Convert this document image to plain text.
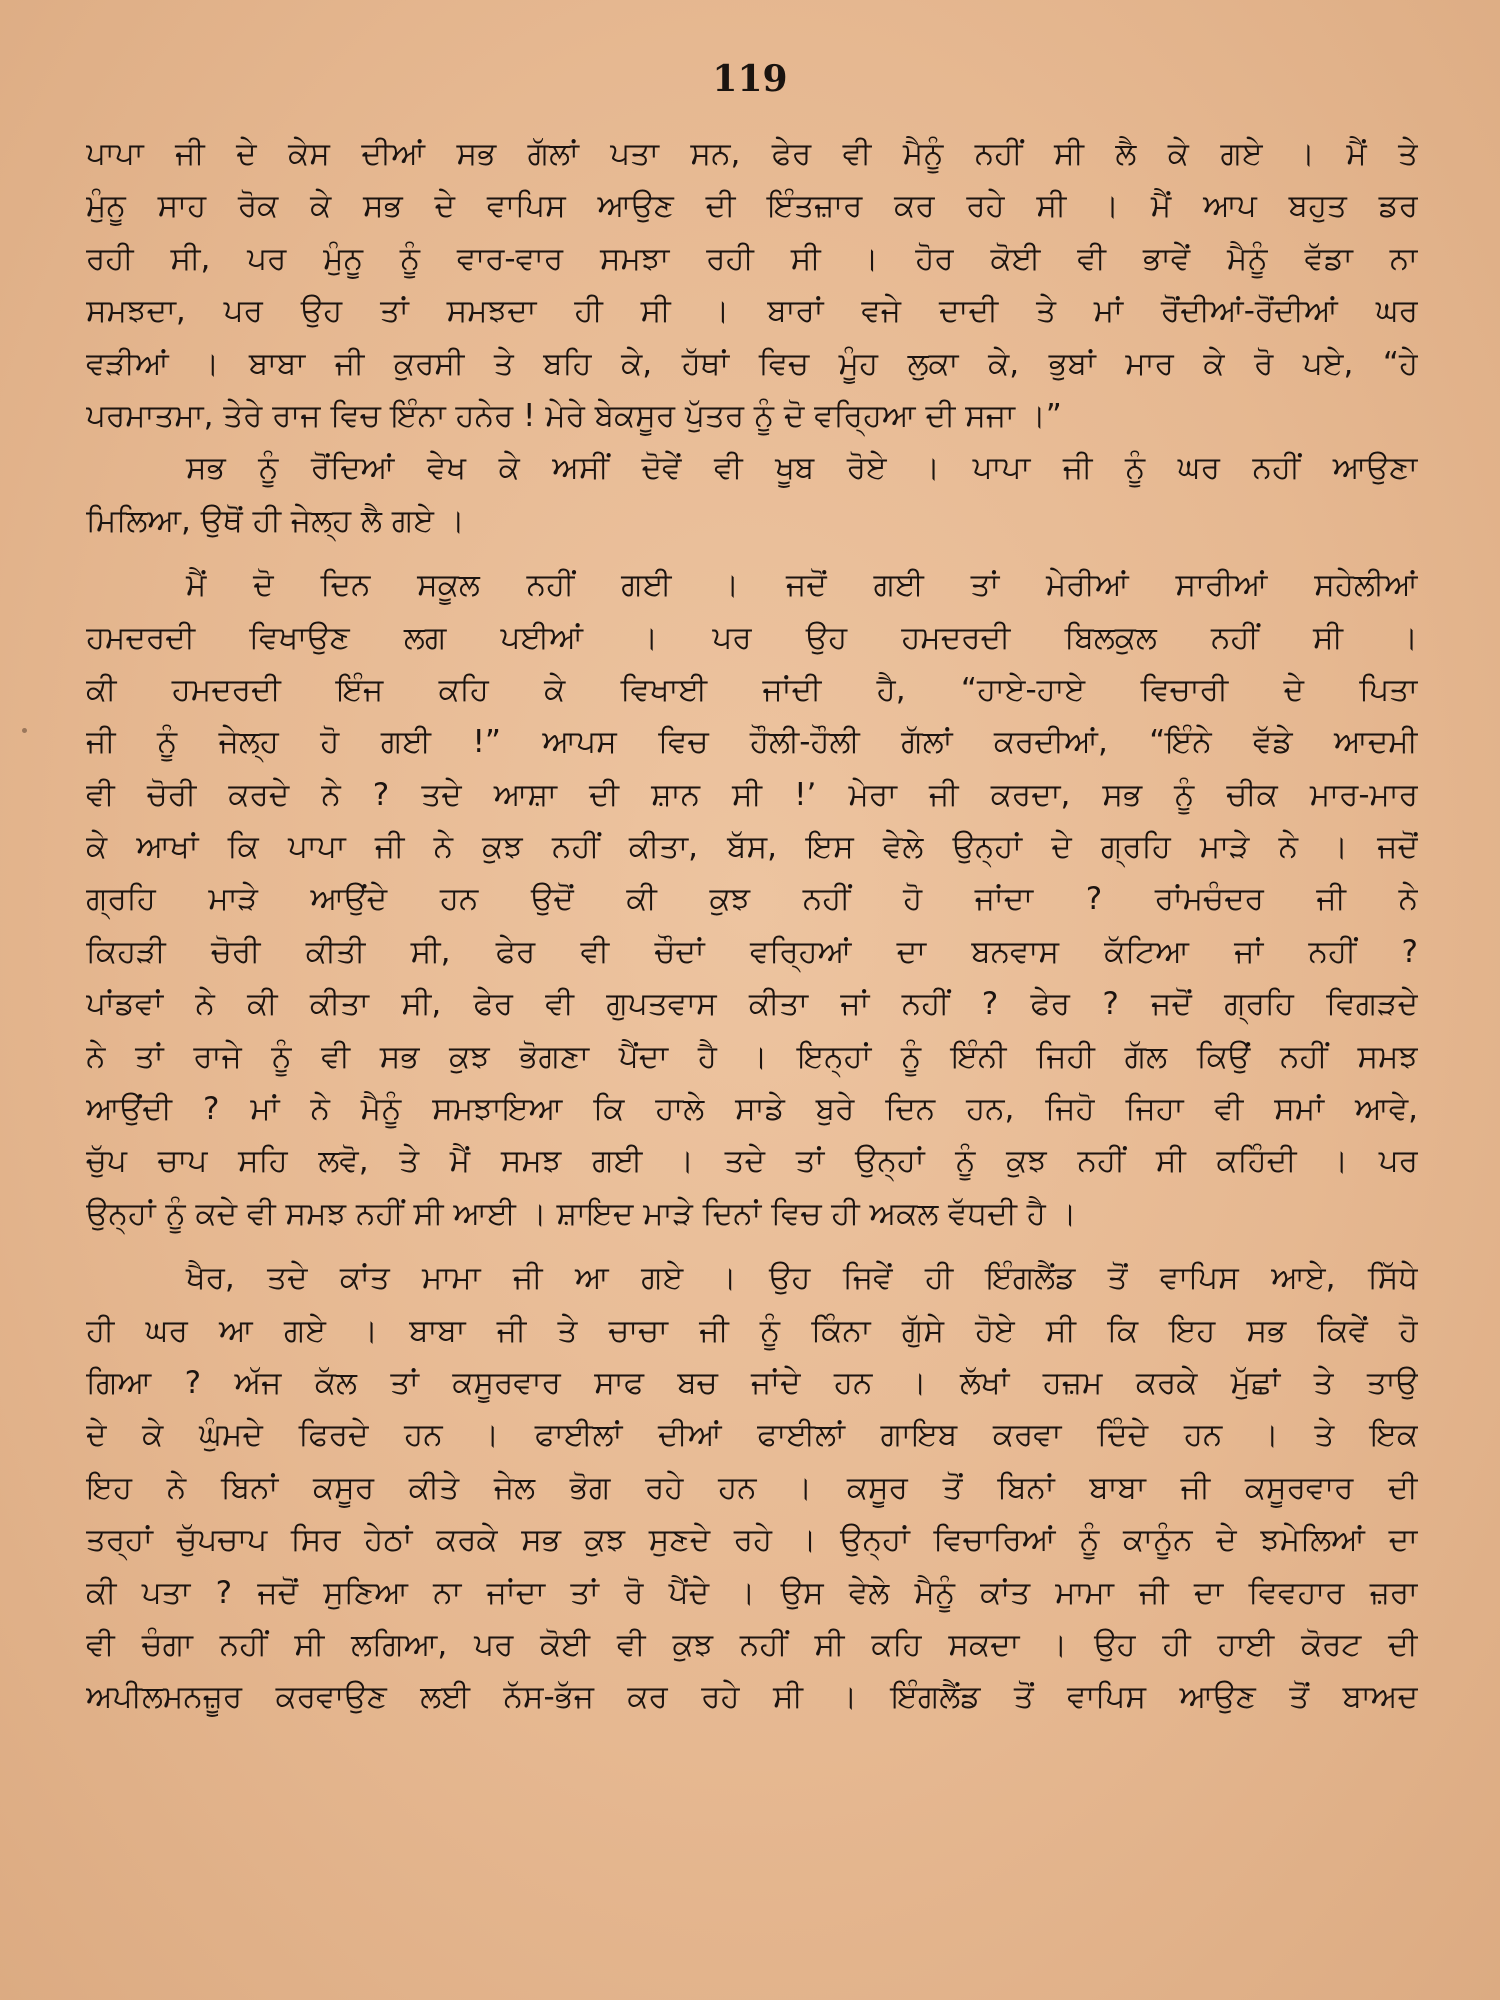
119
ਪਾਪਾ ਜੀ ਦੇ ਕੇਸ ਦੀਆਂ ਸਭ ਗੱਲਾਂ ਪਤਾ ਸਨ, ਫੇਰ ਵੀ ਮੈਨੂੰ ਨਹੀਂ ਸੀ ਲੈ ਕੇ ਗਏ । ਮੈਂ ਤੇ
ਮੁੰਨੂ ਸਾਹ ਰੋਕ ਕੇ ਸਭ ਦੇ ਵਾਪਿਸ ਆਉਣ ਦੀ ਇੰਤਜ਼ਾਰ ਕਰ ਰਹੇ ਸੀ । ਮੈਂ ਆਪ ਬਹੁਤ ਡਰ
ਰਹੀ ਸੀ, ਪਰ ਮੁੰਨੂ ਨੂੰ ਵਾਰ-ਵਾਰ ਸਮਝਾ ਰਹੀ ਸੀ । ਹੋਰ ਕੋਈ ਵੀ ਭਾਵੇਂ ਮੈਨੂੰ ਵੱਡਾ ਨਾ
ਸਮਝਦਾ, ਪਰ ਉਹ ਤਾਂ ਸਮਝਦਾ ਹੀ ਸੀ । ਬਾਰਾਂ ਵਜੇ ਦਾਦੀ ਤੇ ਮਾਂ ਰੋਂਦੀਆਂ-ਰੋਂਦੀਆਂ ਘਰ
ਵੜੀਆਂ । ਬਾਬਾ ਜੀ ਕੁਰਸੀ ਤੇ ਬਹਿ ਕੇ, ਹੱਥਾਂ ਵਿਚ ਮੂੰਹ ਲੁਕਾ ਕੇ, ਭੁਬਾਂ ਮਾਰ ਕੇ ਰੋ ਪਏ, “ਹੇ
ਪਰਮਾਤਮਾ, ਤੇਰੇ ਰਾਜ ਵਿਚ ਇੰਨਾ ਹਨੇਰ ! ਮੇਰੇ ਬੇਕਸੂਰ ਪੁੱਤਰ ਨੂੰ ਦੋ ਵਰ੍ਹਿਆ ਦੀ ਸਜਾ ।”
ਸਭ ਨੂੰ ਰੋਂਦਿਆਂ ਵੇਖ ਕੇ ਅਸੀਂ ਦੋਵੇਂ ਵੀ ਖੂਬ ਰੋਏ । ਪਾਪਾ ਜੀ ਨੂੰ ਘਰ ਨਹੀਂ ਆਉਣਾ
ਮਿਲਿਆ, ਉਥੋਂ ਹੀ ਜੇਲ੍ਹ ਲੈ ਗਏ ।
ਮੈਂ ਦੋ ਦਿਨ ਸਕੂਲ ਨਹੀਂ ਗਈ । ਜਦੋਂ ਗਈ ਤਾਂ ਮੇਰੀਆਂ ਸਾਰੀਆਂ ਸਹੇਲੀਆਂ
ਹਮਦਰਦੀ ਵਿਖਾਉਣ ਲਗ ਪਈਆਂ । ਪਰ ਉਹ ਹਮਦਰਦੀ ਬਿਲਕੁਲ ਨਹੀਂ ਸੀ ।
ਕੀ ਹਮਦਰਦੀ ਇੰਜ ਕਹਿ ਕੇ ਵਿਖਾਈ ਜਾਂਦੀ ਹੈ, “ਹਾਏ-ਹਾਏ ਵਿਚਾਰੀ ਦੇ ਪਿਤਾ
ਜੀ ਨੂੰ ਜੇਲ੍ਹ ਹੋ ਗਈ !” ਆਪਸ ਵਿਚ ਹੌਲੀ-ਹੌਲੀ ਗੱਲਾਂ ਕਰਦੀਆਂ, “ਇੰਨੇ ਵੱਡੇ ਆਦਮੀ
ਵੀ ਚੋਰੀ ਕਰਦੇ ਨੇ ? ਤਦੇ ਆਸ਼ਾ ਦੀ ਸ਼ਾਨ ਸੀ !’ ਮੇਰਾ ਜੀ ਕਰਦਾ, ਸਭ ਨੂੰ ਚੀਕ ਮਾਰ-ਮਾਰ
ਕੇ ਆਖਾਂ ਕਿ ਪਾਪਾ ਜੀ ਨੇ ਕੁਝ ਨਹੀਂ ਕੀਤਾ, ਬੱਸ, ਇਸ ਵੇਲੇ ਉਨ੍ਹਾਂ ਦੇ ਗ੍ਰਹਿ ਮਾੜੇ ਨੇ । ਜਦੋਂ
ਗ੍ਰਹਿ ਮਾੜੇ ਆਉਂਦੇ ਹਨ ਉਦੋਂ ਕੀ ਕੁਝ ਨਹੀਂ ਹੋ ਜਾਂਦਾ ? ਰਾਂਮਚੰਦਰ ਜੀ ਨੇ
ਕਿਹੜੀ ਚੋਰੀ ਕੀਤੀ ਸੀ, ਫੇਰ ਵੀ ਚੌਦਾਂ ਵਰ੍ਹਿਆਂ ਦਾ ਬਨਵਾਸ ਕੱਟਿਆ ਜਾਂ ਨਹੀਂ ?
ਪਾਂਡਵਾਂ ਨੇ ਕੀ ਕੀਤਾ ਸੀ, ਫੇਰ ਵੀ ਗੁਪਤਵਾਸ ਕੀਤਾ ਜਾਂ ਨਹੀਂ ? ਫੇਰ ? ਜਦੋਂ ਗ੍ਰਹਿ ਵਿਗੜਦੇ
ਨੇ ਤਾਂ ਰਾਜੇ ਨੂੰ ਵੀ ਸਭ ਕੁਝ ਭੋਗਣਾ ਪੈਂਦਾ ਹੈ । ਇਨ੍ਹਾਂ ਨੂੰ ਇੰਨੀ ਜਿਹੀ ਗੱਲ ਕਿਉਂ ਨਹੀਂ ਸਮਝ
ਆਉਂਦੀ ? ਮਾਂ ਨੇ ਮੈਨੂੰ ਸਮਝਾਇਆ ਕਿ ਹਾਲੇ ਸਾਡੇ ਬੁਰੇ ਦਿਨ ਹਨ, ਜਿਹੋ ਜਿਹਾ ਵੀ ਸਮਾਂ ਆਵੇ,
ਚੁੱਪ ਚਾਪ ਸਹਿ ਲਵੋ, ਤੇ ਮੈਂ ਸਮਝ ਗਈ । ਤਦੇ ਤਾਂ ਉਨ੍ਹਾਂ ਨੂੰ ਕੁਝ ਨਹੀਂ ਸੀ ਕਹਿੰਦੀ । ਪਰ
ਉਨ੍ਹਾਂ ਨੂੰ ਕਦੇ ਵੀ ਸਮਝ ਨਹੀਂ ਸੀ ਆਈ । ਸ਼ਾਇਦ ਮਾੜੇ ਦਿਨਾਂ ਵਿਚ ਹੀ ਅਕਲ ਵੱਧਦੀ ਹੈ ।
ਖੈਰ, ਤਦੇ ਕਾਂਤ ਮਾਮਾ ਜੀ ਆ ਗਏ । ਉਹ ਜਿਵੇਂ ਹੀ ਇੰਗਲੈਂਡ ਤੋਂ ਵਾਪਿਸ ਆਏ, ਸਿੱਧੇ
ਹੀ ਘਰ ਆ ਗਏ । ਬਾਬਾ ਜੀ ਤੇ ਚਾਚਾ ਜੀ ਨੂੰ ਕਿੰਨਾ ਗੁੱਸੇ ਹੋਏ ਸੀ ਕਿ ਇਹ ਸਭ ਕਿਵੇਂ ਹੋ
ਗਿਆ ? ਅੱਜ ਕੱਲ ਤਾਂ ਕਸੂਰਵਾਰ ਸਾਫ ਬਚ ਜਾਂਦੇ ਹਨ । ਲੱਖਾਂ ਹਜ਼ਮ ਕਰਕੇ ਮੁੱਛਾਂ ਤੇ ਤਾਉ
ਦੇ ਕੇ ਘੁੰਮਦੇ ਫਿਰਦੇ ਹਨ । ਫਾਈਲਾਂ ਦੀਆਂ ਫਾਈਲਾਂ ਗਾਇਬ ਕਰਵਾ ਦਿੰਦੇ ਹਨ । ਤੇ ਇਕ
ਇਹ ਨੇ ਬਿਨਾਂ ਕਸੂਰ ਕੀਤੇ ਜੇਲ ਭੋਗ ਰਹੇ ਹਨ । ਕਸੂਰ ਤੋਂ ਬਿਨਾਂ ਬਾਬਾ ਜੀ ਕਸੂਰਵਾਰ ਦੀ
ਤਰ੍ਹਾਂ ਚੁੱਪਚਾਪ ਸਿਰ ਹੇਠਾਂ ਕਰਕੇ ਸਭ ਕੁਝ ਸੁਣਦੇ ਰਹੇ । ਉਨ੍ਹਾਂ ਵਿਚਾਰਿਆਂ ਨੂੰ ਕਾਨੂੰਨ ਦੇ ਝਮੇਲਿਆਂ ਦਾ
ਕੀ ਪਤਾ ? ਜਦੋਂ ਸੁਣਿਆ ਨਾ ਜਾਂਦਾ ਤਾਂ ਰੋ ਪੈਂਦੇ । ਉਸ ਵੇਲੇ ਮੈਨੂੰ ਕਾਂਤ ਮਾਮਾ ਜੀ ਦਾ ਵਿਵਹਾਰ ਜ਼ਰਾ
ਵੀ ਚੰਗਾ ਨਹੀਂ ਸੀ ਲਗਿਆ, ਪਰ ਕੋਈ ਵੀ ਕੁਝ ਨਹੀਂ ਸੀ ਕਹਿ ਸਕਦਾ । ਉਹ ਹੀ ਹਾਈ ਕੋਰਟ ਦੀ
ਅਪੀਲਮਨਜ਼ੂਰ ਕਰਵਾਉਣ ਲਈ ਨੱਸ-ਭੱਜ ਕਰ ਰਹੇ ਸੀ । ਇੰਗਲੈਂਡ ਤੋਂ ਵਾਪਿਸ ਆਉਣ ਤੋਂ ਬਾਅਦ
